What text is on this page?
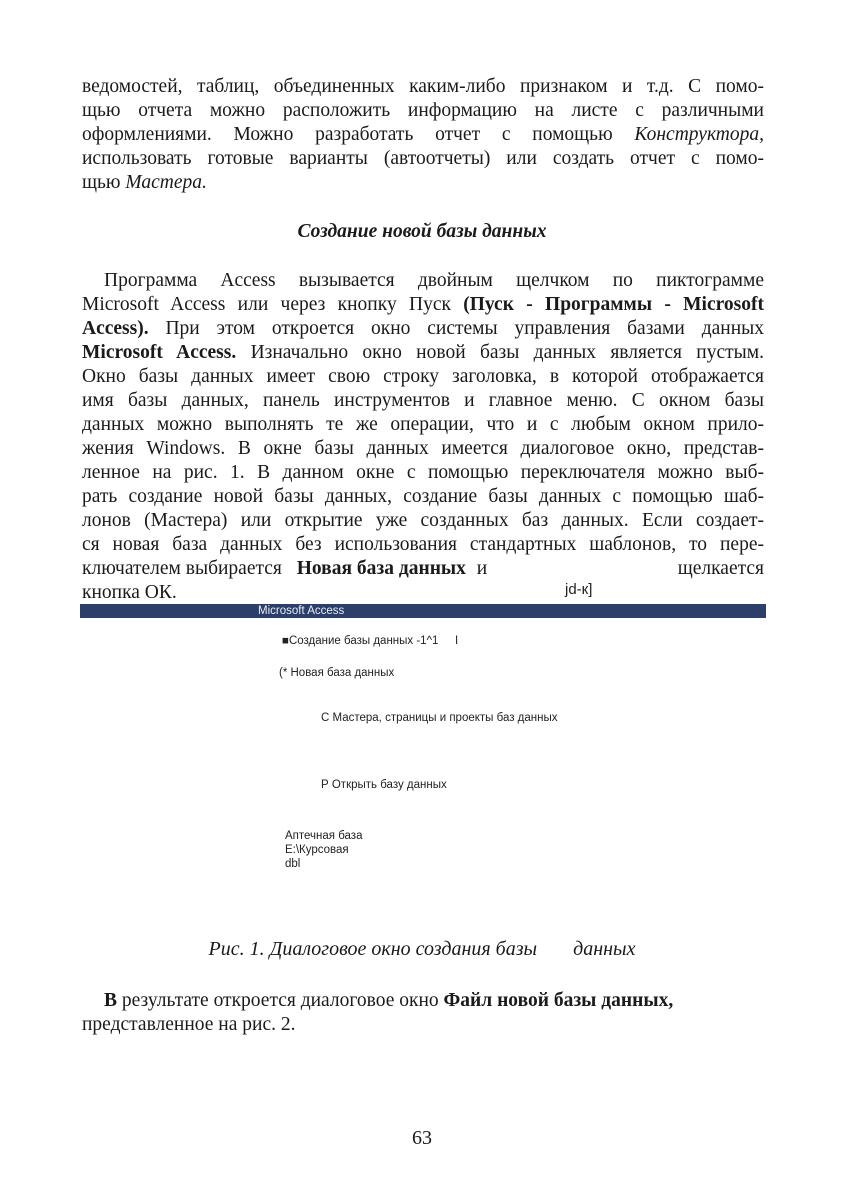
ведомостей, таблиц, объединенных каким-либо признаком и т.д. С помо-
щью отчета можно расположить информацию на листе с различными
оформлениями. Можно разработать отчет с помощью Конструктора,
использовать готовые варианты (автоотчеты) или создать отчет с помо-
щью Мастера.
Создание новой базы данных
Программа Access вызывается двойным щелчком по пиктограмме
Microsoft Access или через кнопку Пуск (Пуск - Программы - Microsoft
Access). При этом откроется окно системы управления базами данных
Microsoft Access. Изначально окно новой базы данных является пустым.
Окно базы данных имеет свою строку заголовка, в которой отображается
имя базы данных, панель инструментов и главное меню. С окном базы
данных можно выполнять те же операции, что и с любым окном прило-
жения Windows. В окне базы данных имеется диалоговое окно, представ-
ленное на рис. 1. В данном окне с помощью переключателя можно выб-
рать создание новой базы данных, создание базы данных с помощью шаб-
лонов (Мастера) или открытие уже созданных баз данных. Если создает-
ся новая база данных без использования стандартных шаблонов, то пере-
ключателем выбирается Новая база данных и	щелкается
кнопка ОК.	jd-к]
Microsoft Access
■Создание базы данных -1^1 I
(* Новая база данных
С Мастера, страницы и проекты баз данных
Р Открыть базу данных
Аптечная база
Е:\Курсовая
dbl
Рис. 1. Диалоговое окно создания базы данных
В результате откроется диалоговое окно Файл новой базы данных,
представленное на рис. 2.
63
